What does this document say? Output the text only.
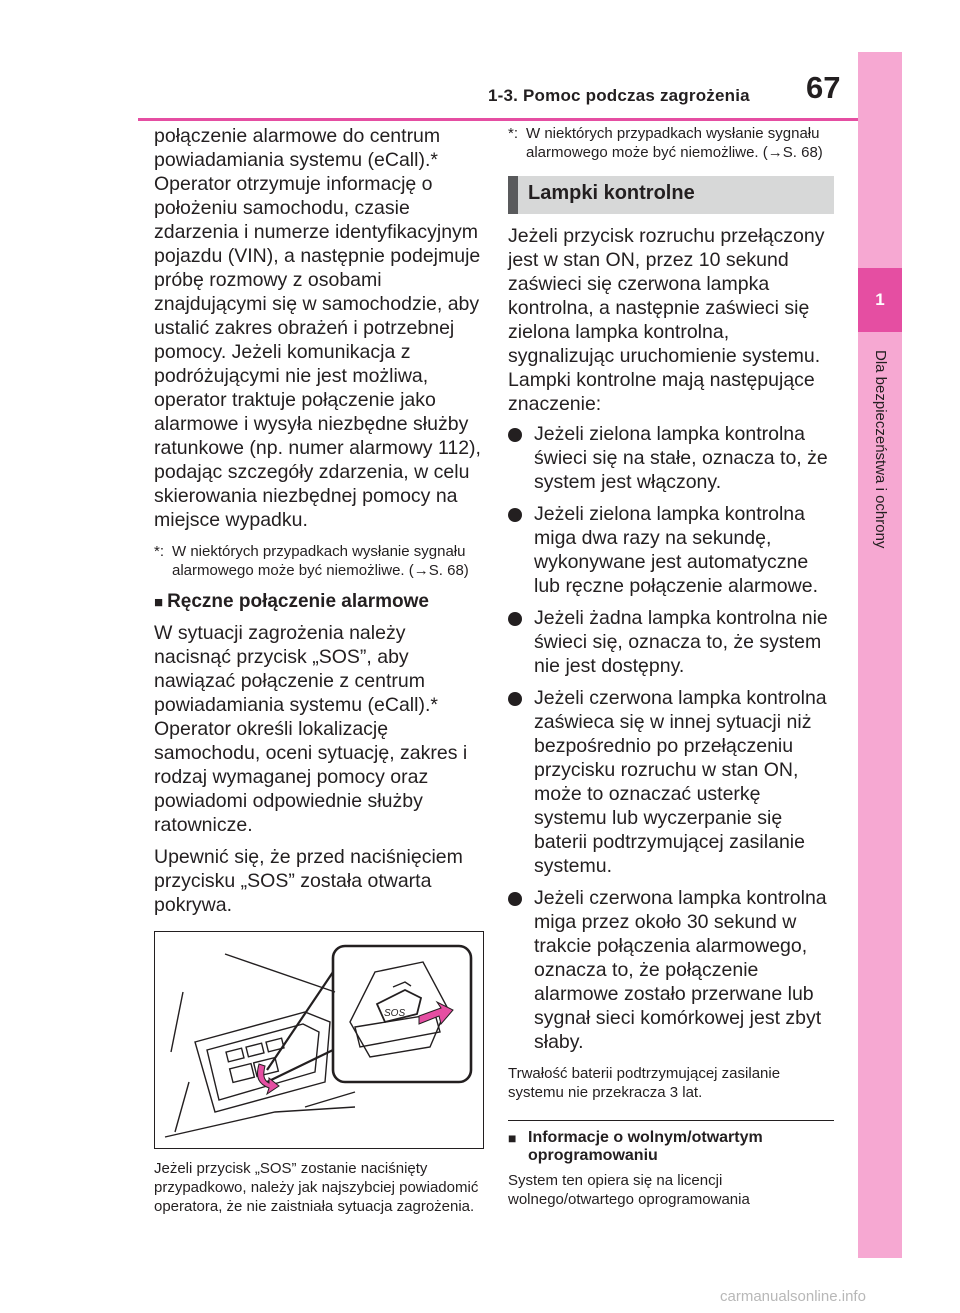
1-3. Pomoc podczas zagrożenia	67
1
Dla bezpieczeństwa i ochrony

połączenie alarmowe do centrum powiadamiania systemu (eCall).* Operator otrzymuje informację o położeniu samochodu, czasie zdarzenia i numerze identyfikacyjnym pojazdu (VIN), a następnie podejmuje próbę rozmowy z osobami znajdującymi się w samochodzie, aby ustalić zakres obrażeń i potrzebnej pomocy. Jeżeli komunikacja z podróżującymi nie jest możliwa, operator traktuje połączenie jako alarmowe i wysyła niezbędne służby ratunkowe (np. numer alarmowy 112), podając szczegóły zdarzenia, w celu skierowania niezbędnej pomocy na miejsce wypadku.

*: W niektórych przypadkach wysłanie sygnału alarmowego może być niemożliwe. (→S. 68)
■ Ręczne połączenie alarmowe

W sytuacji zagrożenia należy nacisnąć przycisk „SOS”, aby nawiązać połączenie z centrum powiadamiania systemu (eCall).* Operator określi lokalizację samochodu, oceni sytuację, zakres i rodzaj wymaganej pomocy oraz powiadomi odpowiednie służby ratownicze.

Upewnić się, że przed naciśnięciem przycisku „SOS” została otwarta pokrywa.

SOS
Jeżeli przycisk „SOS” zostanie naciśnięty przypadkowo, należy jak najszybciej powiadomić operatora, że nie zaistniała sytuacja zagrożenia.
*: W niektórych przypadkach wysłanie sygnału alarmowego może być niemożliwe. (→S. 68)
Lampki kontrolne

Jeżeli przycisk rozruchu przełączony jest w stan ON, przez 10 sekund zaświeci się czerwona lampka kontrolna, a następnie zaświeci się zielona lampka kontrolna, sygnalizując uruchomienie systemu. Lampki kontrolne mają następujące znaczenie:

Jeżeli zielona lampka kontrolna świeci się na stałe, oznacza to, że system jest włączony.
Jeżeli zielona lampka kontrolna miga dwa razy na sekundę, wykonywane jest automatyczne lub ręczne połączenie alarmowe.
Jeżeli żadna lampka kontrolna nie świeci się, oznacza to, że system nie jest dostępny.
Jeżeli czerwona lampka kontrolna zaświeca się w innej sytuacji niż bezpośrednio po przełączeniu przycisku rozruchu w stan ON, może to oznaczać usterkę systemu lub wyczerpanie się baterii podtrzymującej zasilanie systemu.
Jeżeli czerwona lampka kontrolna miga przez około 30 sekund w trakcie połączenia alarmowego, oznacza to, że połączenie alarmowe zostało przerwane lub sygnał sieci komórkowej jest zbyt słaby.
Trwałość baterii podtrzymującej zasilanie systemu nie przekracza 3 lat.
■ Informacje o wolnym/otwartym oprogramowaniu
System ten opiera się na licencji wolnego/otwartego oprogramowania
carmanualsonline.info
